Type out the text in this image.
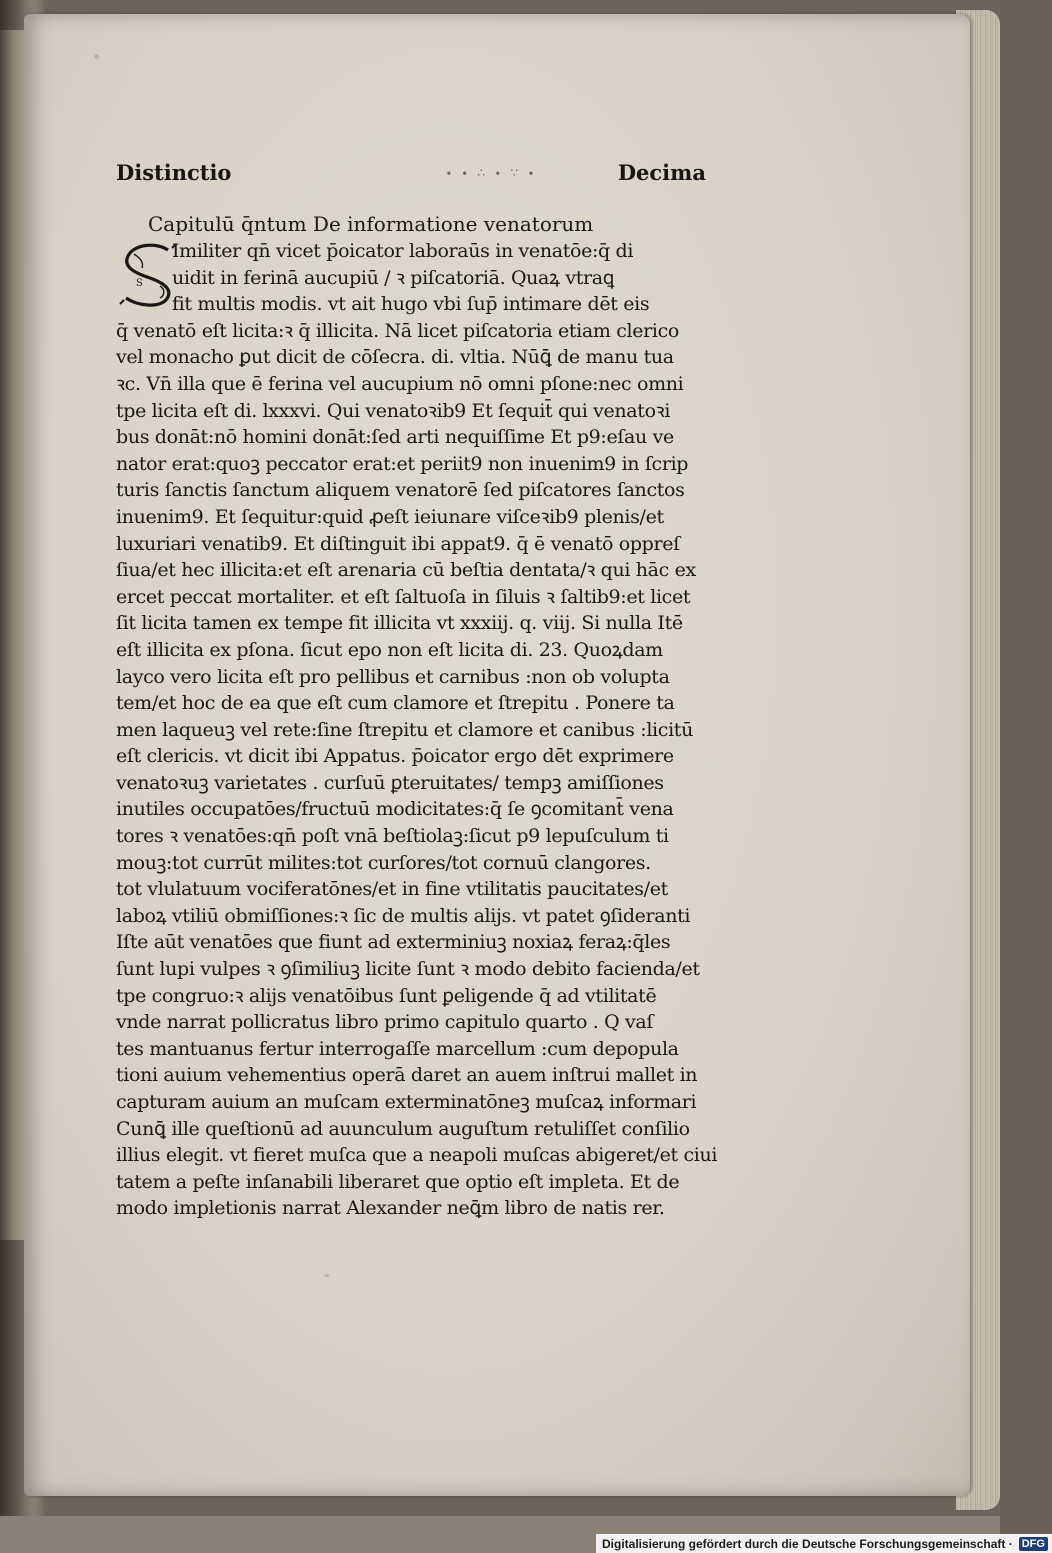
Distinctio	∙ ∙ ∴ ∙ ∵ ∙	Decima
Capitulū q̄ntum De informatione venatorum
S
Imiliter qn̄ vicet p̄oicator laboraūs in venatōe:q̄ di
uidit in ferinā aucupiū / ꝛ piſcatoriā. Quaꝝ vtraꝗ
fit multis modis. vt ait hugo vbi ſup̄ intimare dēt eis
q̄ venatō eſt licita:ꝛ q̄ illicita. Nā licet piſcatoria etiam clerico
vel monacho ꝑut dicit de cōſecra. di. vltia. Nūꝗ̄ de manu tua
ꝛc. Vn̄ illa que ē ferina vel aucupium nō omni pſone:nec omni
tpe licita eſt di. lxxxvi. Qui venatoꝛib9 Et ſequit̄ qui venatoꝛi
bus donāt:nō homini donāt:ſed arti nequiſſime Et p9:eſau ve
nator erat:quoꝫ peccator erat:et periit9 non inuenim9 in ſcrip
turis ſanctis ſanctum aliquem venatorē ſed piſcatores ſanctos
inuenim9. Et ſequitur:quid ꝓeſt ieiunare viſceꝛib9 plenis/et
luxuriari venatib9. Et diſtinguit ibi appat9. q̄ ē venatō oppreſ
ſiua/et hec illicita:et eſt arenaria cū beſtia dentata/ꝛ qui hāc ex
ercet peccat mortaliter. et eſt ſaltuoſa in ſiluis ꝛ ſaltib9:et licet
ſit licita tamen ex tempe fit illicita vt xxxiij. q. viij. Si nulla Itē
eſt illicita ex pſona. ſicut epo non eſt licita di. 23. Quoꝝdam
layco vero licita eſt pro pellibus et carnibus :non ob volupta
tem/et hoc de ea que eſt cum clamore et ſtrepitu . Ponere ta
men laqueuꝫ vel rete:ſine ſtrepitu et clamore et canibus :licitū
eſt clericis. vt dicit ibi Appatus. p̄oicator ergo dēt exprimere
venatoꝛuꝫ varietates . curſuū ꝑteruitates/ tempꝫ amiſſiones
inutiles occupatōes/fructuū modicitates:q̄ ſe ꝯcomitant̄ vena
tores ꝛ venatōes:qn̄ poſt vnā beſtiolaꝫ:ſicut p9 lepuſculum ti
mouꝫ:tot currūt milites:tot curſores/tot cornuū clangores.
tot vlulatuum vociferatōnes/et in fine vtilitatis paucitates/et
laboꝝ vtiliū obmiſſiones:ꝛ ſic de multis alijs. vt patet ꝯſideranti
Iſte aūt venatōes que fiunt ad exterminiuꝫ noxiaꝝ feraꝝ:q̄les
ſunt lupi vulpes ꝛ ꝯſimiliuꝫ licite ſunt ꝛ modo debito facienda/et
tpe congruo:ꝛ alijs venatōibus ſunt ꝑeligende q̄ ad vtilitatē
vnde narrat pollicratus libro primo capitulo quarto . Q vaſ
tes mantuanus fertur interrogaſſe marcellum :cum depopula
tioni auium vehementius operā daret an auem inſtrui mallet in
capturam auium an muſcam exterminatōneꝫ muſcaꝝ informari
Cunꝗ̄ ille queſtionū ad auunculum auguſtum retuliſſet conſilio
illius elegit. vt fieret muſca que a neapoli muſcas abigeret/et ciui
tatem a peſte inſanabili liberaret que optio eſt impleta. Et de
modo impletionis narrat Alexander neꝗ̄m libro de natis rer.
Digitalisierung gefördert durch die Deutsche Forschungsgemeinschaft · DFG
